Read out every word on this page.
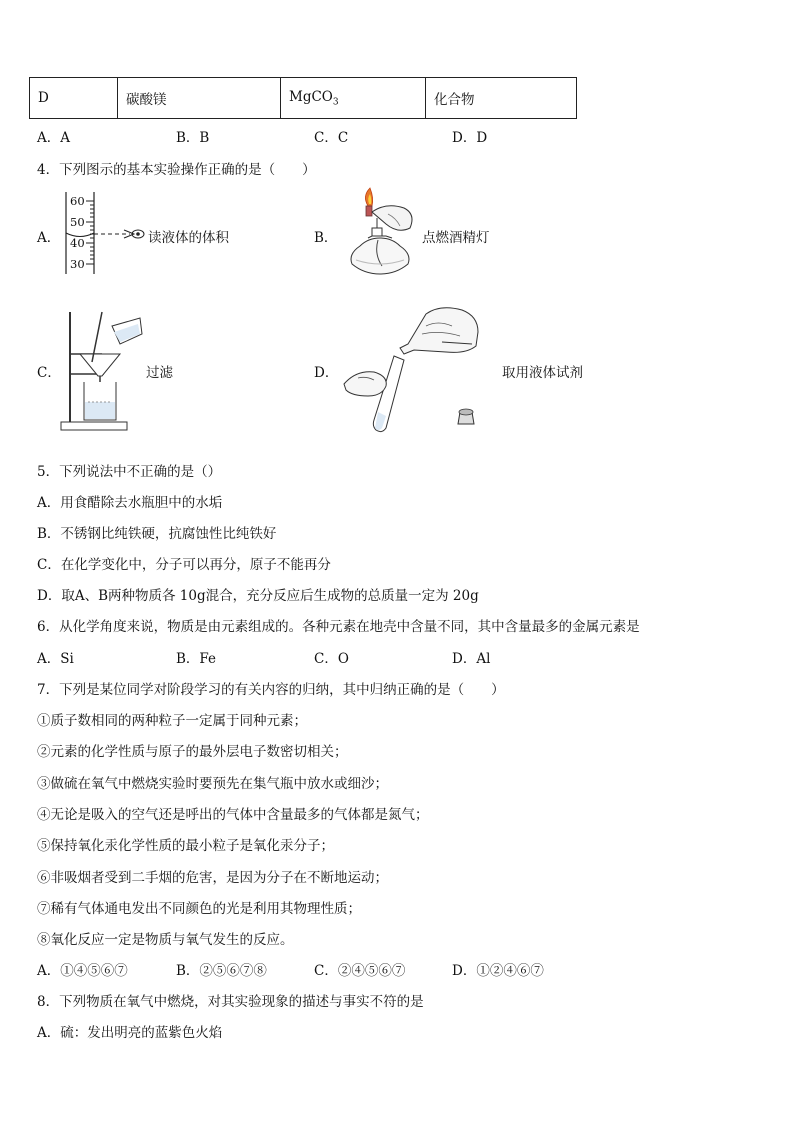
D	碳酸镁	MgCO$_3$	化合物
A．A	B．B	C．C	D．D
4．下列图示的基本实验操作正确的是（　　）
A．
60
50
40
30
读液体的体积	B．	点燃酒精灯
C．	过滤	D．	取用液体试剂
5．下列说法中不正确的是（）
A．用食醋除去水瓶胆中的水垢
B．不锈钢比纯铁硬，抗腐蚀性比纯铁好
C．在化学变化中，分子可以再分，原子不能再分
D．取A、B两种物质各 10g混合，充分反应后生成物的总质量一定为 20g
6．从化学角度来说，物质是由元素组成的。各种元素在地壳中含量不同，其中含量最多的金属元素是
A．Si	B．Fe	C．O	D．Al
7．下列是某位同学对阶段学习的有关内容的归纳，其中归纳正确的是（　　）
①质子数相同的两种粒子一定属于同种元素；
②元素的化学性质与原子的最外层电子数密切相关；
③做硫在氧气中燃烧实验时要预先在集气瓶中放水或细沙；
④无论是吸入的空气还是呼出的气体中含量最多的气体都是氮气；
⑤保持氧化汞化学性质的最小粒子是氧化汞分子；
⑥非吸烟者受到二手烟的危害，是因为分子在不断地运动；
⑦稀有气体通电发出不同颜色的光是利用其物理性质；
⑧氧化反应一定是物质与氧气发生的反应。
A．①④⑤⑥⑦	B．②⑤⑥⑦⑧	C．②④⑤⑥⑦	D．①②④⑥⑦
8．下列物质在氧气中燃烧，对其实验现象的描述与事实不符的是
A．硫：发出明亮的蓝紫色火焰
